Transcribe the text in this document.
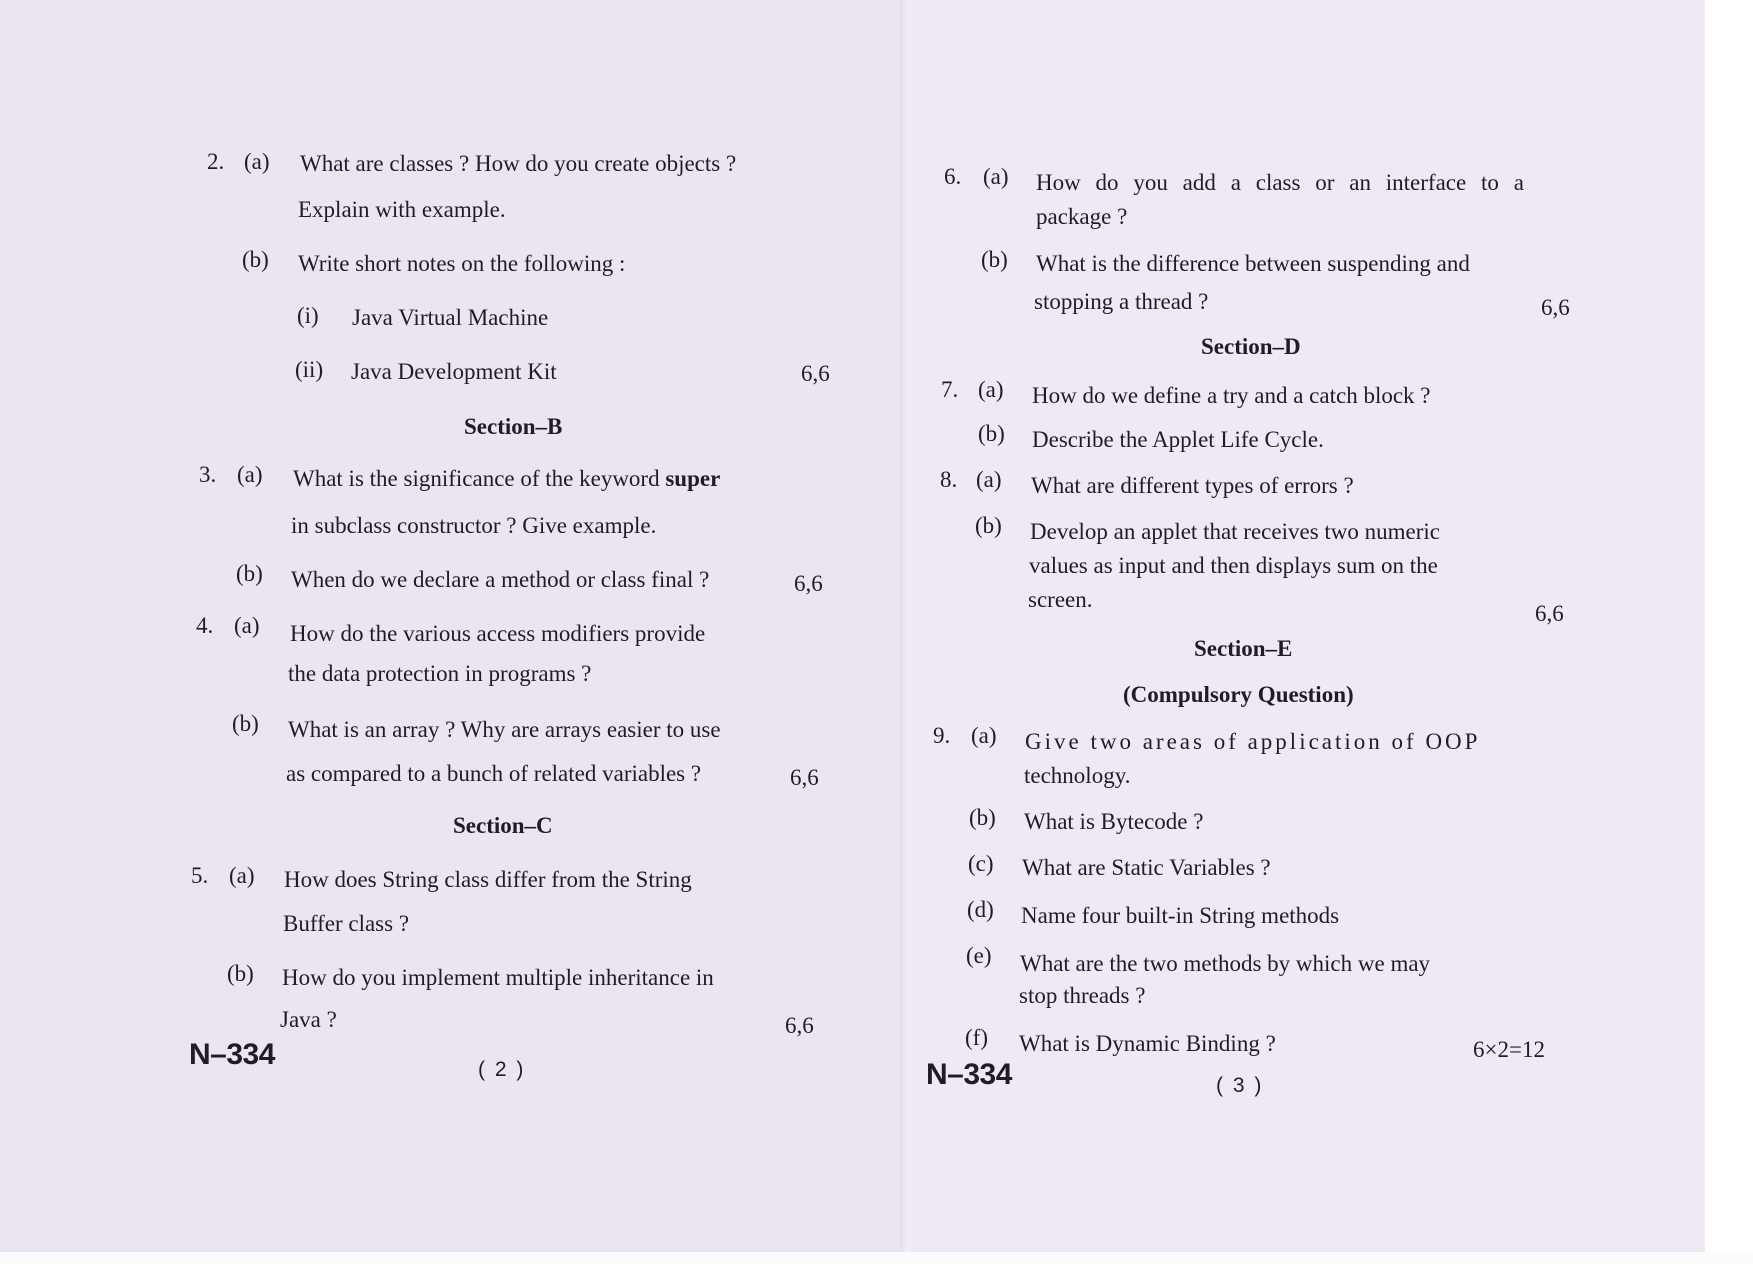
2. (a) What are classes ? How do you create objects ?
Explain with example.
(b) Write short notes on the following :
(i) Java Virtual Machine
(ii) Java Development Kit	6,6
Section–B
3. (a) What is the significance of the keyword super
in subclass constructor ? Give example.
(b) When do we declare a method or class final ?	6,6
4. (a) How do the various access modifiers provide
the data protection in programs ?
(b) What is an array ? Why are arrays easier to use
as compared to a bunch of related variables ?	6,6
Section–C
5. (a) How does String class differ from the String
Buffer class ?
(b) How do you implement multiple inheritance in
Java ?	6,6
N–334	( 2 )
6. (a) How do you add a class or an interface to a
package ?
(b) What is the difference between suspending and
stopping a thread ?	6,6
Section–D
7. (a) How do we define a try and a catch block ?
(b) Describe the Applet Life Cycle.
8. (a) What are different types of errors ?
(b) Develop an applet that receives two numeric
values as input and then displays sum on the
screen.
6,6
Section–E
(Compulsory Question)
9. (a) Give two areas of application of OOP
technology.
(b) What is Bytecode ?
(c) What are Static Variables ?
(d) Name four built-in String methods
(e) What are the two methods by which we may
stop threads ?
(f) What is Dynamic Binding ?	6×2=12
N–334	( 3 )
